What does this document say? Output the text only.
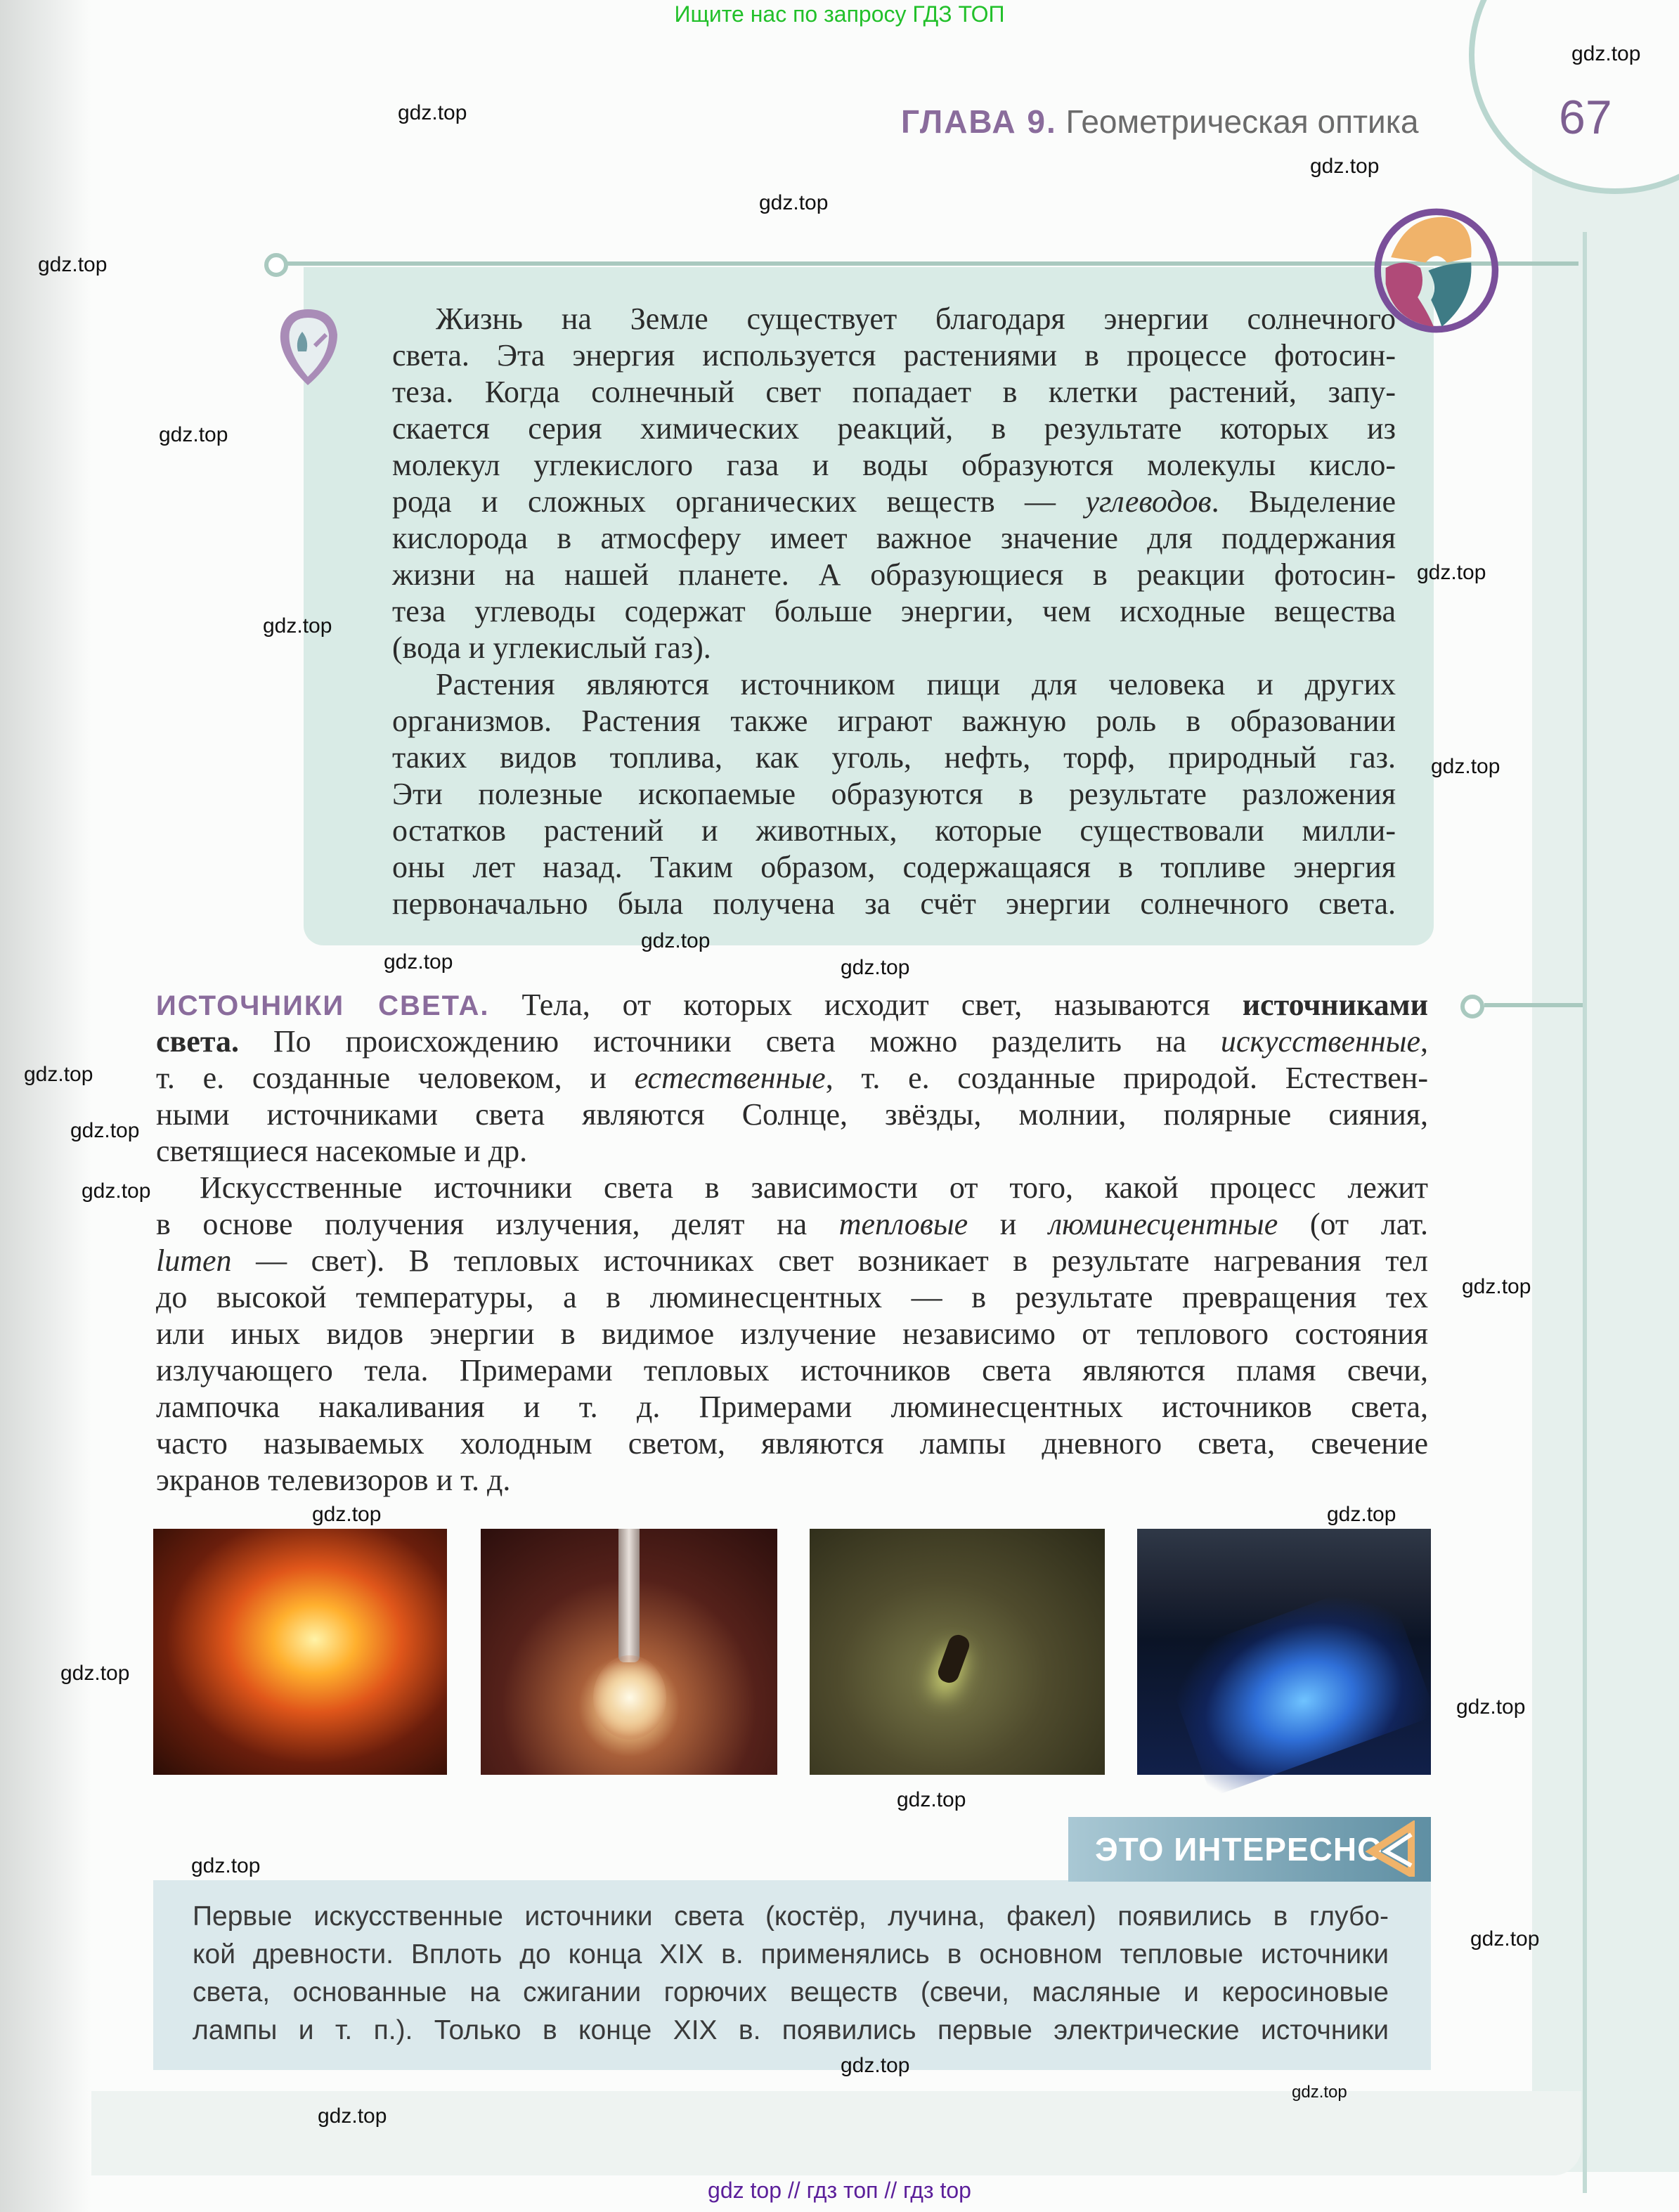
Ищите нас по запросу ГДЗ ТОП
ГЛАВА 9. Геометрическая оптика	67
Жизнь на Земле существует благодаря энергии солнечного
света. Эта энергия используется растениями в процессе фотосин-
теза. Когда солнечный свет попадает в клетки растений, запу-
скается серия химических реакций, в результате которых из
молекул углекислого газа и воды образуются молекулы кисло-
рода и сложных органических веществ — углеводов. Выделение
кислорода в атмосферу имеет важное значение для поддержания
жизни на нашей планете. А образующиеся в реакции фотосин-
теза углеводы содержат больше энергии, чем исходные вещества
(вода и углекислый газ).
Растения являются источником пищи для человека и других
организмов. Растения также играют важную роль в образовании
таких видов топлива, как уголь, нефть, торф, природный газ.
Эти полезные ископаемые образуются в результате разложения
остатков растений и животных, которые существовали милли-
оны лет назад. Таким образом, содержащаяся в топливе энергия
первоначально была получена за счёт энергии солнечного света.
ИСТОЧНИКИ СВЕТА. Тела, от которых исходит свет, называются источниками
света. По происхождению источники света можно разделить на искусственные,
т. е. созданные человеком, и естественные, т. е. созданные природой. Естествен-
ными источниками света являются Солнце, звёзды, молнии, полярные сияния,
светящиеся насекомые и др.
Искусственные источники света в зависимости от того, какой процесс лежит
в основе получения излучения, делят на тепловые и люминесцентные (от лат.
lumen — свет). В тепловых источниках свет возникает в результате нагревания тел
до высокой температуры, а в люминесцентных — в результате превращения тех
или иных видов энергии в видимое излучение независимо от теплового состояния
излучающего тела. Примерами тепловых источников света являются пламя свечи,
лампочка накаливания и т. д. Примерами люминесцентных источников света,
часто называемых холодным светом, являются лампы дневного света, свечение
экранов телевизоров и т. д.
ЭТО ИНТЕРЕСНО
Первые искусственные источники света (костёр, лучина, факел) появились в глубо-
кой древности. Вплоть до конца XIX в. применялись в основном тепловые источники
света, основанные на сжигании горючих веществ (свечи, масляные и керосиновые
лампы и т. п.). Только в конце XIX в. появились первые электрические источники
gdz.top
gdz.top
gdz.top
gdz.top
gdz.top
gdz.top
gdz.top
gdz.top
gdz.top
gdz.top
gdz.top
gdz.top
gdz.top
gdz.top
gdz.top
gdz.top
gdz.top
gdz.top
gdz.top
gdz.top
gdz.top
gdz.top
gdz.top
gdz.top
gdz.top
gdz.top
gdz top // гдз топ // гдз top
